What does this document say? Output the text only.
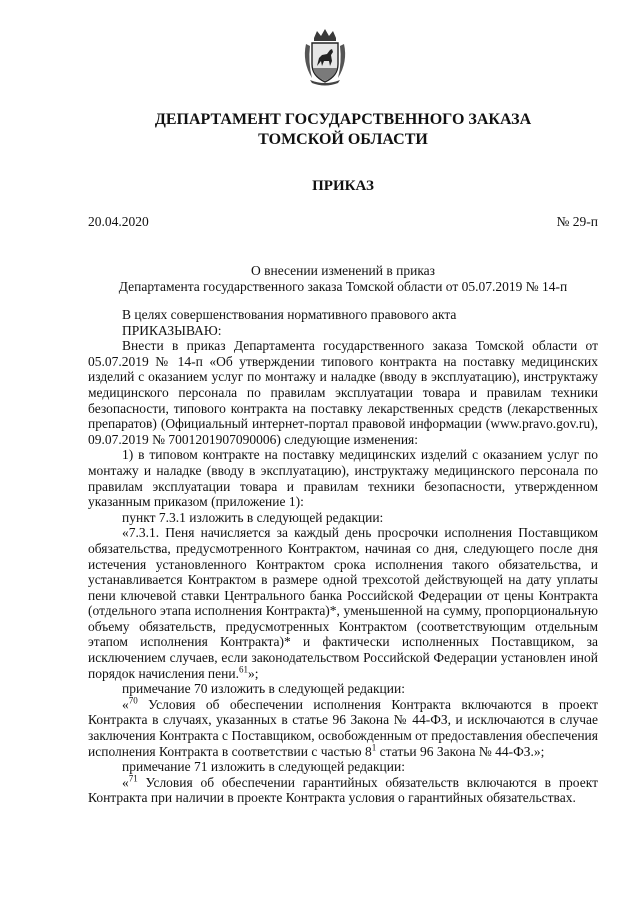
ДЕПАРТАМЕНТ ГОСУДАРСТВЕННОГО ЗАКАЗА
ТОМСКОЙ ОБЛАСТИ
ПРИКАЗ
20.04.2020	№ 29-п
О внесении изменений в приказ
Департамента государственного заказа Томской области от 05.07.2019 № 14-п

В целях совершенствования нормативного правового акта

ПРИКАЗЫВАЮ:

Внести в приказ Департамента государственного заказа Томской области от 05.07.2019 № 14-п «Об утверждении типового контракта на поставку медицинских изделий с оказанием услуг по монтажу и наладке (вводу в эксплуатацию), инструктажу медицинского персонала по правилам эксплуатации товара и правилам техники безопасности, типового контракта на поставку лекарственных средств (лекарственных препаратов) (Официальный интернет-портал правовой информации (www.pravo.gov.ru), 09.07.2019 № 7001201907090006) следующие изменения:

1) в типовом контракте на поставку медицинских изделий с оказанием услуг по монтажу и наладке (вводу в эксплуатацию), инструктажу медицинского персонала по правилам эксплуатации товара и правилам техники безопасности, утвержденном указанным приказом (приложение 1):

пункт 7.3.1 изложить в следующей редакции:

«7.3.1. Пеня начисляется за каждый день просрочки исполнения Поставщиком обязательства, предусмотренного Контрактом, начиная со дня, следующего после дня истечения установленного Контрактом срока исполнения такого обязательства, и устанавливается Контрактом в размере одной трехсотой действующей на дату уплаты пени ключевой ставки Центрального банка Российской Федерации от цены Контракта (отдельного этапа исполнения Контракта)*, уменьшенной на сумму, пропорциональную объему обязательств, предусмотренных Контрактом (соответствующим отдельным этапом исполнения Контракта)* и фактически исполненных Поставщиком, за исключением случаев, если законодательством Российской Федерации установлен иной порядок начисления пени.$^{61}$»;

примечание 70 изложить в следующей редакции:

«$^{70}$ Условия об обеспечении исполнения Контракта включаются в проект Контракта в случаях, указанных в статье 96 Закона № 44-ФЗ, и исключаются в случае заключения Контракта с Поставщиком, освобожденным от предоставления обеспечения исполнения Контракта в соответствии с частью $8^1$ статьи 96 Закона № 44-ФЗ.»;

примечание 71 изложить в следующей редакции:

«$^{71}$ Условия об обеспечении гарантийных обязательств включаются в проект Контракта при наличии в проекте Контракта условия о гарантийных обязательствах.
